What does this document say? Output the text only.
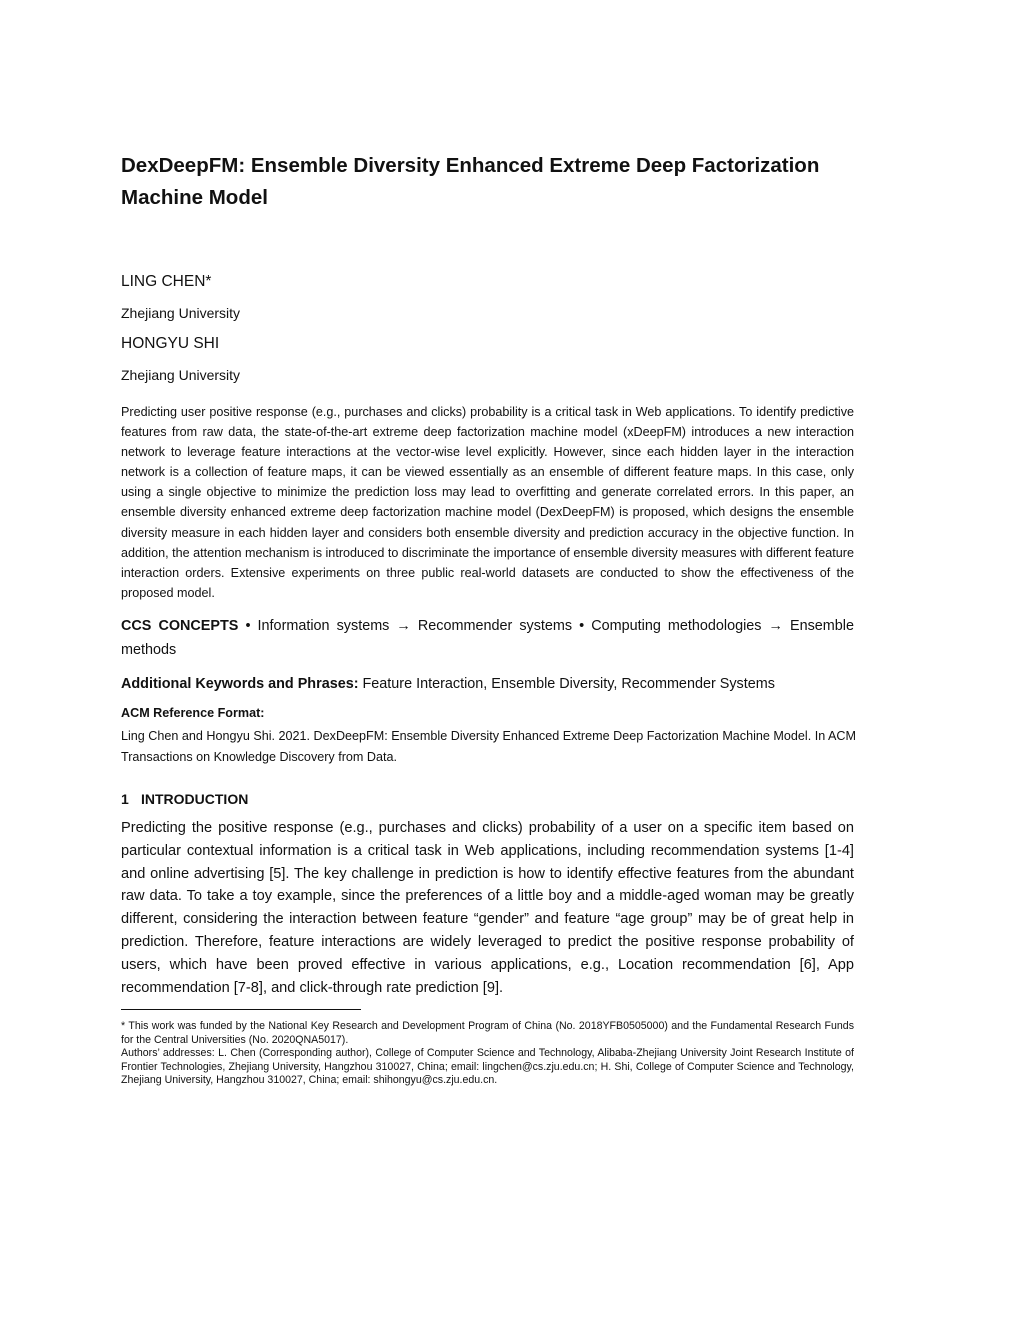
DexDeepFM: Ensemble Diversity Enhanced Extreme Deep Factorization Machine Model

LING CHEN*

Zhejiang University

HONGYU SHI

Zhejiang University

Predicting user positive response (e.g., purchases and clicks) probability is a critical task in Web applications. To identify predictive features from raw data, the state-of-the-art extreme deep factorization machine model (xDeepFM) introduces a new interaction network to leverage feature interactions at the vector-wise level explicitly. However, since each hidden layer in the interaction network is a collection of feature maps, it can be viewed essentially as an ensemble of different feature maps. In this case, only using a single objective to minimize the prediction loss may lead to overfitting and generate correlated errors. In this paper, an ensemble diversity enhanced extreme deep factorization machine model (DexDeepFM) is proposed, which designs the ensemble diversity measure in each hidden layer and considers both ensemble diversity and prediction accuracy in the objective function. In addition, the attention mechanism is introduced to discriminate the importance of ensemble diversity measures with different feature interaction orders. Extensive experiments on three public real-world datasets are conducted to show the effectiveness of the proposed model.

CCS CONCEPTS • Information systems → Recommender systems • Computing methodologies → Ensemble methods

Additional Keywords and Phrases: Feature Interaction, Ensemble Diversity, Recommender Systems

ACM Reference Format:

Ling Chen and Hongyu Shi. 2021. DexDeepFM: Ensemble Diversity Enhanced Extreme Deep Factorization Machine Model. In ACM Transactions on Knowledge Discovery from Data.

1 INTRODUCTION

Predicting the positive response (e.g., purchases and clicks) probability of a user on a specific item based on particular contextual information is a critical task in Web applications, including recommendation systems [1-4] and online advertising [5]. The key challenge in prediction is how to identify effective features from the abundant raw data. To take a toy example, since the preferences of a little boy and a middle-aged woman may be greatly different, considering the interaction between feature “gender” and feature “age group” may be of great help in prediction. Therefore, feature interactions are widely leveraged to predict the positive response probability of users, which have been proved effective in various applications, e.g., Location recommendation [6], App recommendation [7-8], and click-through rate prediction [9].

* This work was funded by the National Key Research and Development Program of China (No. 2018YFB0505000) and the Fundamental Research Funds for the Central Universities (No. 2020QNA5017).

Authors’ addresses: L. Chen (Corresponding author), College of Computer Science and Technology, Alibaba-Zhejiang University Joint Research Institute of Frontier Technologies, Zhejiang University, Hangzhou 310027, China; email: lingchen@cs.zju.edu.cn; H. Shi, College of Computer Science and Technology, Zhejiang University, Hangzhou 310027, China; email: shihongyu@cs.zju.edu.cn.
